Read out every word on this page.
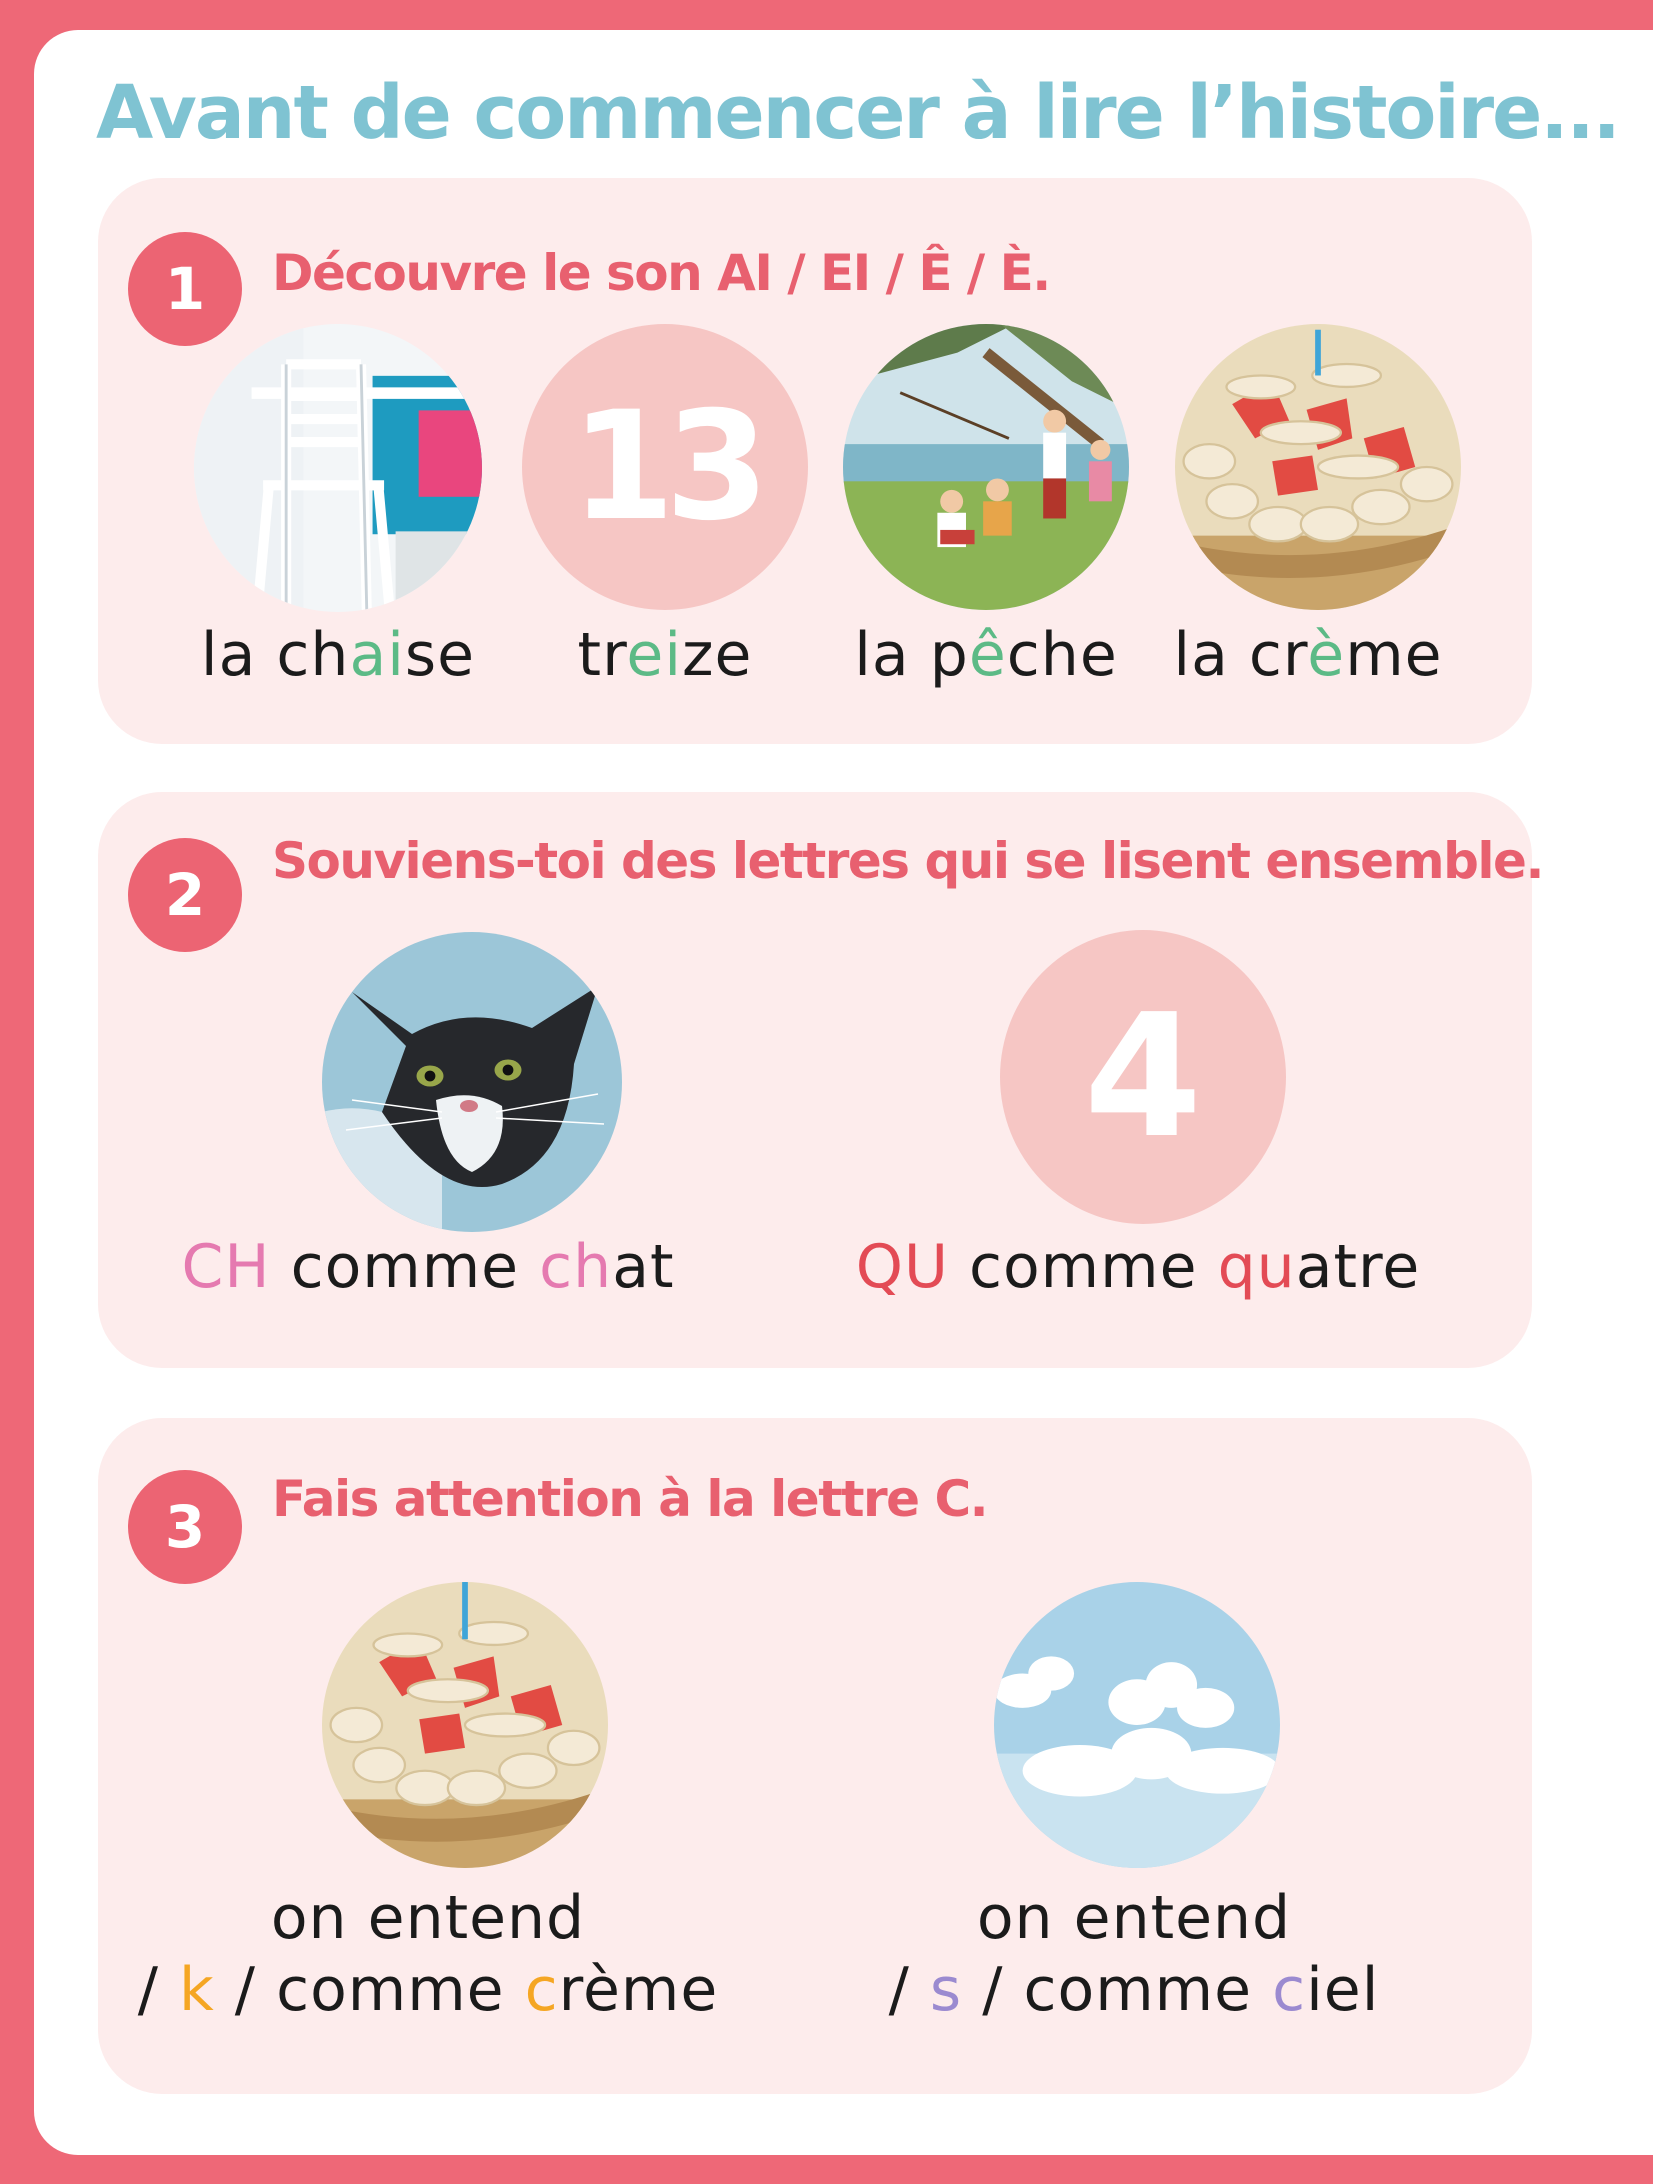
Avant de commencer à lire l’histoire...
1	Découvre le son AI / EI / Ê / È.
la chaise
13
treize	la pêche la crème
2	Souviens-toi des lettres qui se lisent ensemble.
CH comme chat
4
QU comme quatre
3	Fais attention à la lettre C.
on entend
/ k / comme crème
on entend
/ s / comme ciel
